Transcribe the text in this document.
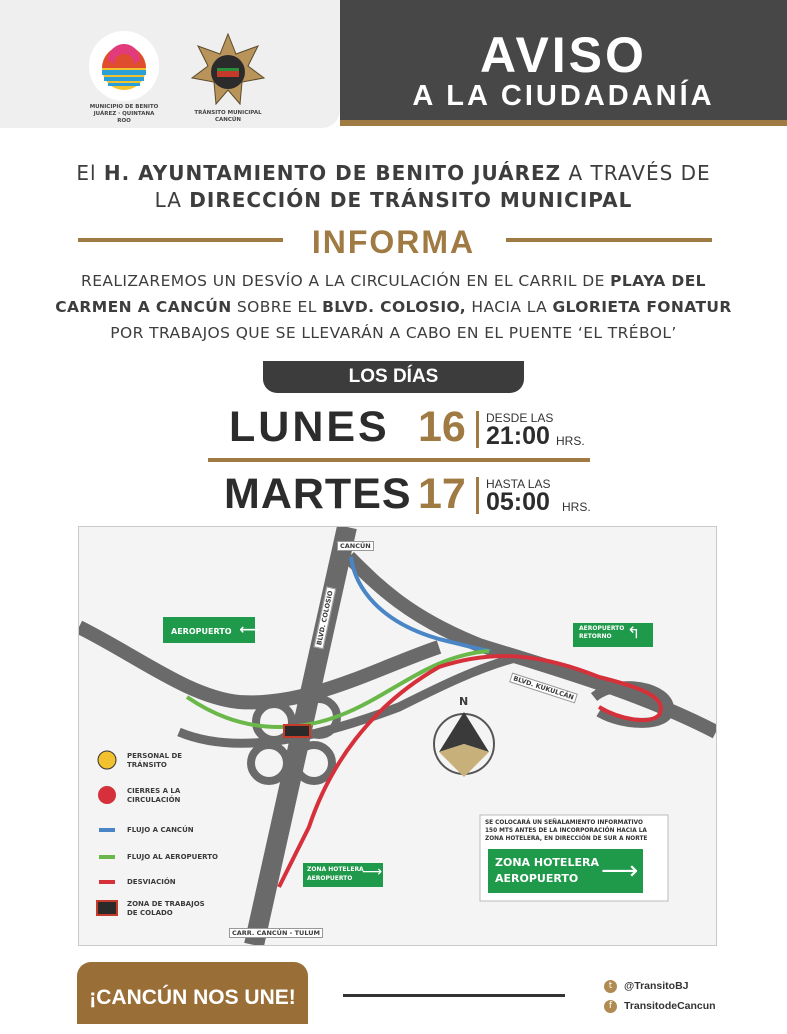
MUNICIPIO DE BENITO JUÁREZ · QUINTANA ROO
TRÁNSITO MUNICIPAL CANCÚN
AVISO
A LA CIUDADANÍA
El H. AYUNTAMIENTO DE BENITO JUÁREZ A TRAVÉS DE
LA DIRECCIÓN DE TRÁNSITO MUNICIPAL
INFORMA
REALIZAREMOS UN DESVÍO A LA CIRCULACIÓN EN EL CARRIL DE PLAYA DEL
CARMEN A CANCÚN SOBRE EL BLVD. COLOSIO, HACIA LA GLORIETA FONATUR
POR TRABAJOS QUE SE LLEVARÁN A CABO EN EL PUENTE ‘EL TRÉBOL’
LOS DÍAS
LUNES 16 DESDE LAS
21:00 HRS.
MARTES 17 HASTA LAS
05:00 HRS.
CANCÚN
BLVD. COLOSIO
BLVD. KUKULCÁN
CARR. CANCÚN - TULUM
AEROPUERTO ⟵	AEROPUERTO
RETORNO ↰
ZONA HOTELERA
AEROPUERTO ⟶
N
SE COLOCARÁ UN SEÑALAMIENTO INFORMATIVO
150 MTS ANTES DE LA INCORPORACIÓN HACIA LA
ZONA HOTELERA, EN DIRECCIÓN DE SUR A NORTE
ZONA HOTELERA
AEROPUERTO ⟶
PERSONAL DE
TRÁNSITO
CIERRES A LA
CIRCULACIÓN
FLUJO A CANCÚN
FLUJO AL AEROPUERTO
DESVIACIÓN
ZONA DE TRABAJOS
DE COLADO
¡CANCÚN NOS UNE!	t	@TransitoBJ
f	TransitodeCancun
